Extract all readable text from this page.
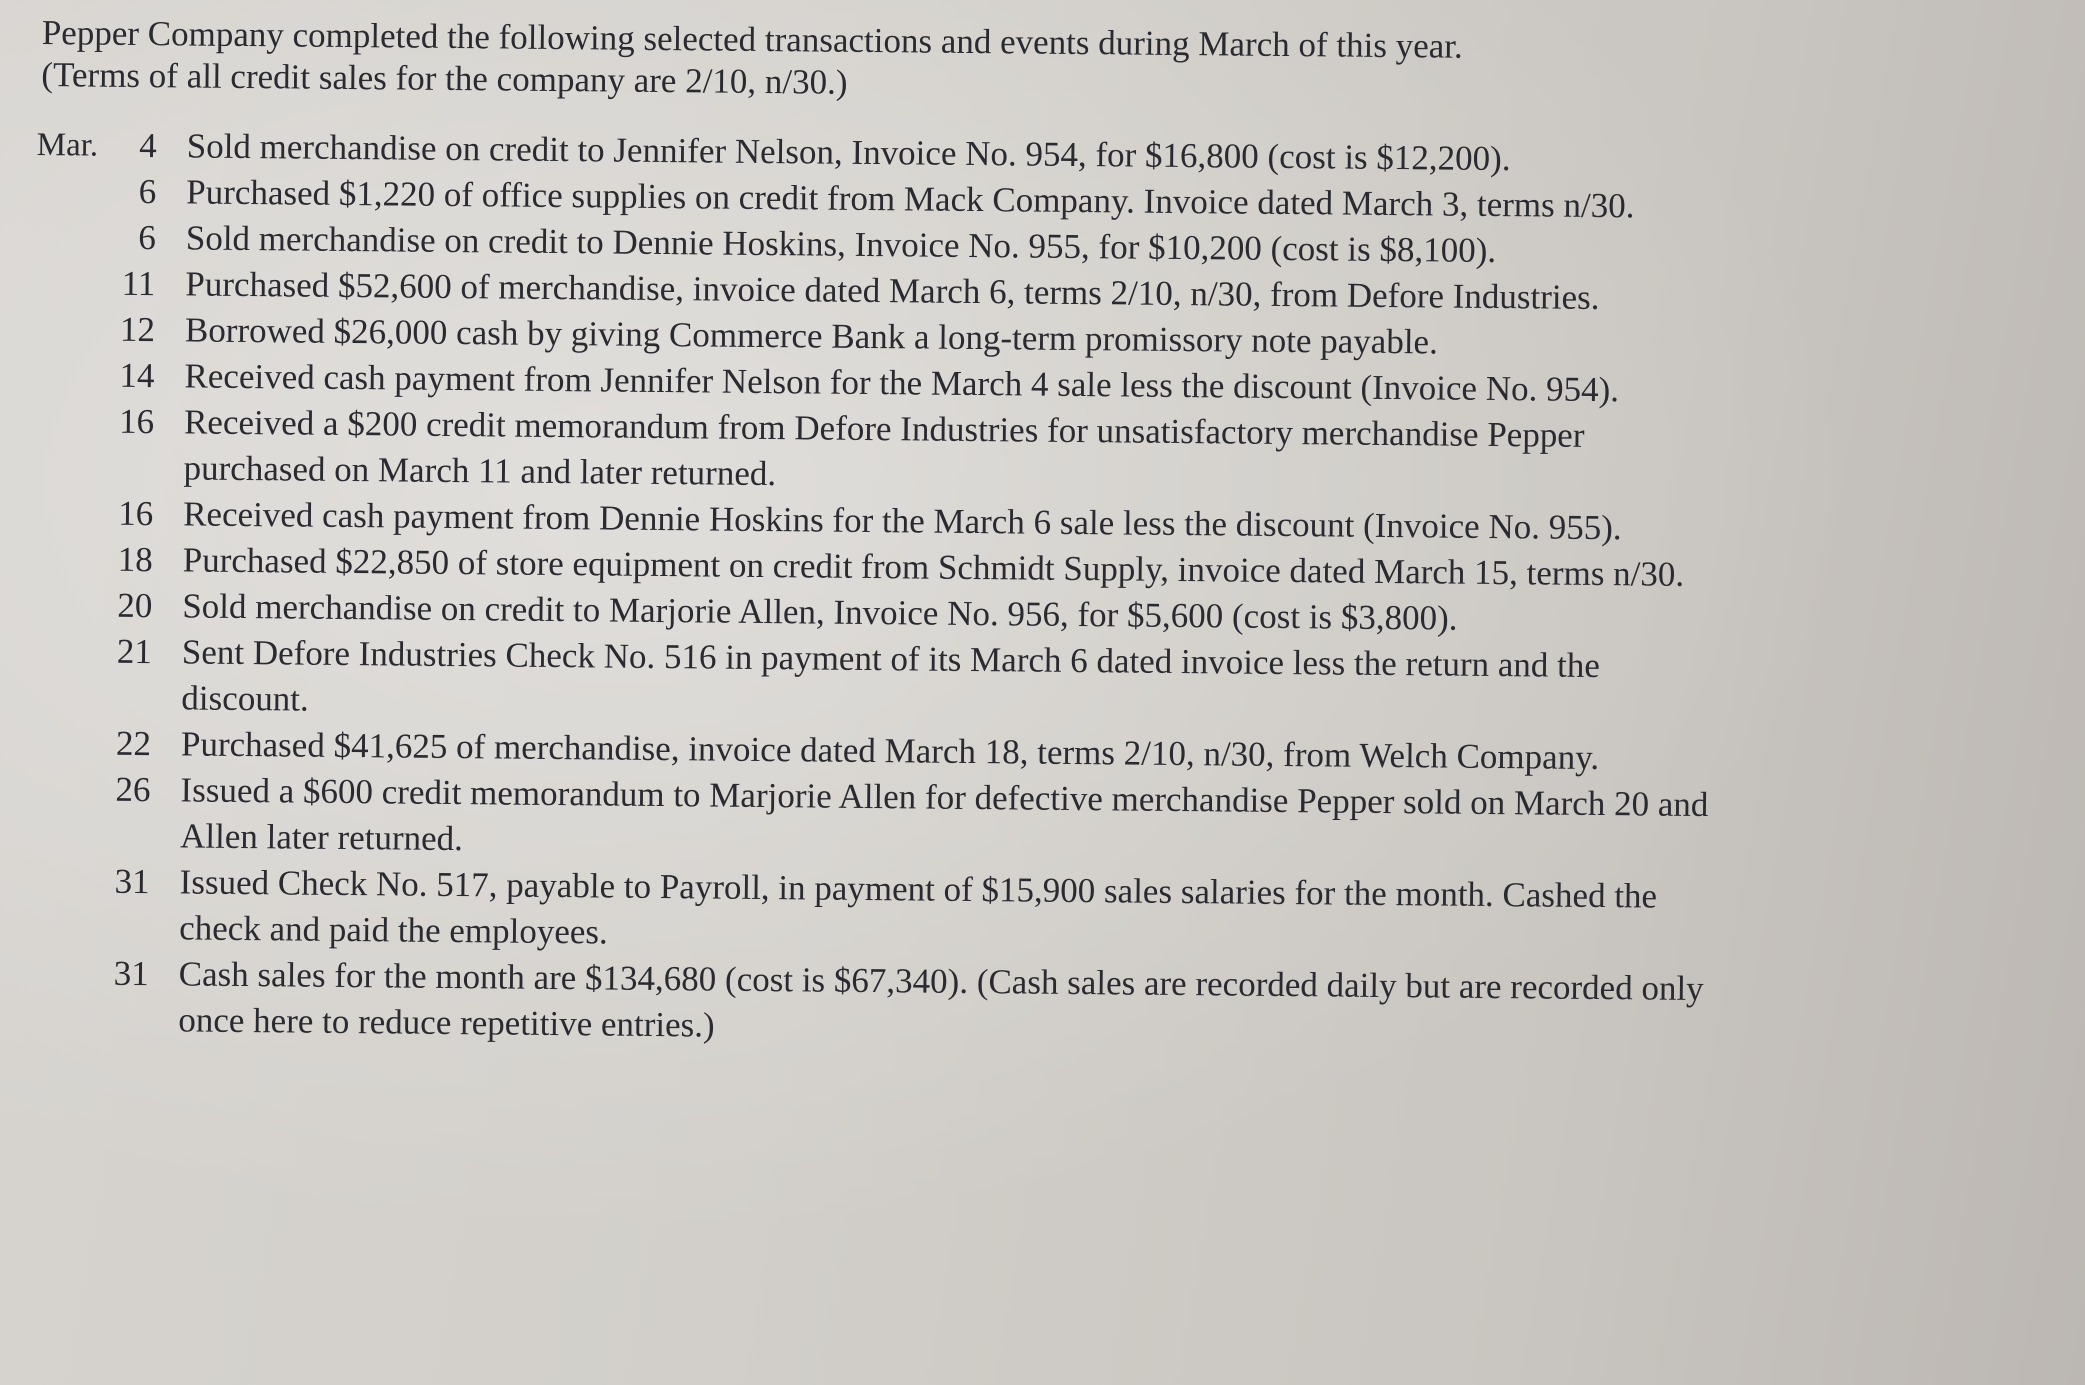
Pepper Company completed the following selected transactions and events during March of this year.
(Terms of all credit sales for the company are 2/10, n/30.)

Mar.	4 Sold merchandise on credit to Jennifer Nelson, Invoice No. 954, for $16,800 (cost is $12,200).
6 Purchased $1,220 of office supplies on credit from Mack Company. Invoice dated March 3, terms n/30.
6 Sold merchandise on credit to Dennie Hoskins, Invoice No. 955, for $10,200 (cost is $8,100).
11 Purchased $52,600 of merchandise, invoice dated March 6, terms 2/10, n/30, from Defore Industries.
12 Borrowed $26,000 cash by giving Commerce Bank a long-term promissory note payable.
14 Received cash payment from Jennifer Nelson for the March 4 sale less the discount (Invoice No. 954).
16 Received a $200 credit memorandum from Defore Industries for unsatisfactory merchandise Pepper purchased on March 11 and later returned.
16 Received cash payment from Dennie Hoskins for the March 6 sale less the discount (Invoice No. 955).
18 Purchased $22,850 of store equipment on credit from Schmidt Supply, invoice dated March 15, terms n/30.
20 Sold merchandise on credit to Marjorie Allen, Invoice No. 956, for $5,600 (cost is $3,800).
21 Sent Defore Industries Check No. 516 in payment of its March 6 dated invoice less the return and the discount.
22 Purchased $41,625 of merchandise, invoice dated March 18, terms 2/10, n/30, from Welch Company.
26 Issued a $600 credit memorandum to Marjorie Allen for defective merchandise Pepper sold on March 20 and Allen later returned.
31 Issued Check No. 517, payable to Payroll, in payment of $15,900 sales salaries for the month. Cashed the check and paid the employees.
31 Cash sales for the month are $134,680 (cost is $67,340). (Cash sales are recorded daily but are recorded only once here to reduce repetitive entries.)
